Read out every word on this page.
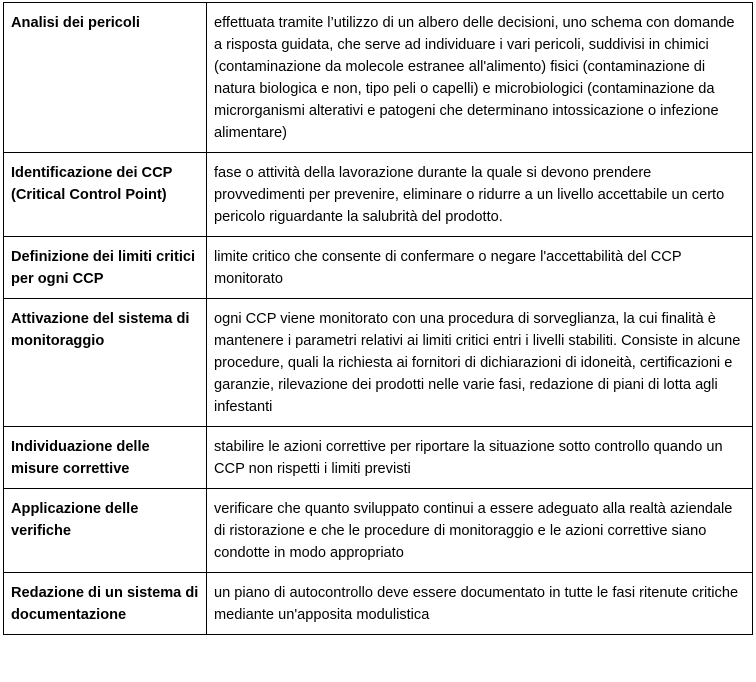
Analisi dei pericoli	effettuata tramite l’utilizzo di un albero delle decisioni, uno schema con domande a risposta guidata, che serve ad individuare i vari pericoli, suddivisi in chimici (contaminazione da molecole estranee all'alimento) fisici (contaminazione di natura biologica e non, tipo peli o capelli) e microbiologici (contaminazione da microrganismi alterativi e patogeni che determinano intossicazione o infezione alimentare)
Identificazione dei CCP (Critical Control Point)	fase o attività della lavorazione durante la quale si devono prendere provvedimenti per prevenire, eliminare o ridurre a un livello accettabile un certo pericolo riguardante la salubrità del prodotto.
Definizione dei limiti critici per ogni CCP	limite critico che consente di confermare o negare l'accettabilità del CCP monitorato
Attivazione del sistema di monitoraggio	ogni CCP viene monitorato con una procedura di sorveglianza, la cui finalità è mantenere i parametri relativi ai limiti critici entri i livelli stabiliti. Consiste in alcune procedure, quali la richiesta ai fornitori di dichiarazioni di idoneità, certificazioni e garanzie, rilevazione dei prodotti nelle varie fasi, redazione di piani di lotta agli infestanti
Individuazione delle misure correttive	stabilire le azioni correttive per riportare la situazione sotto controllo quando un CCP non rispetti i limiti previsti
Applicazione delle verifiche	verificare che quanto sviluppato continui a essere adeguato alla realtà aziendale di ristorazione e che le procedure di monitoraggio e le azioni correttive siano condotte in modo appropriato
Redazione di un sistema di documentazione	un piano di autocontrollo deve essere documentato in tutte le fasi ritenute critiche mediante un'apposita modulistica
